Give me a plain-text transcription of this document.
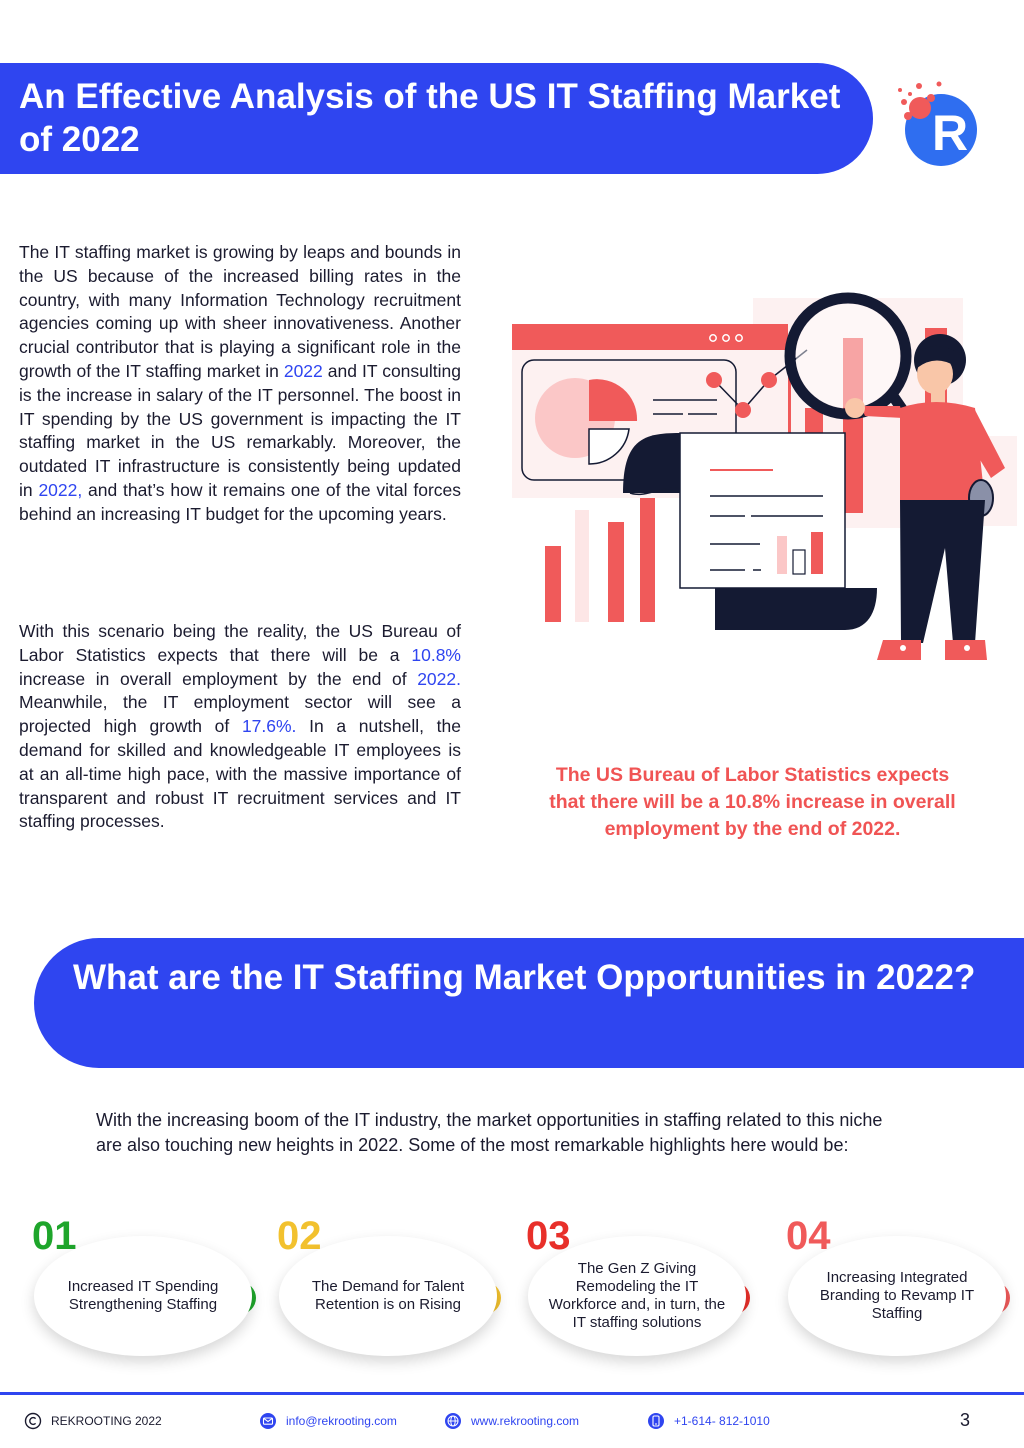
An Effective Analysis of the US IT Staffing Market of 2022	R
The IT staffing market is growing by leaps and bounds in the US because of the increased billing rates in the country, with many Information Technology recruitment agencies coming up with sheer innovativeness. Another crucial contributor that is playing a significant role in the growth of the IT staffing market in 2022 and IT consulting is the increase in salary of the IT personnel. The boost in IT spending by the US government is impacting the IT staffing market in the US remarkably. Moreover, the outdated IT infrastructure is consistently being updated in 2022, and that’s how it remains one of the vital forces behind an increasing IT budget for the upcoming years.
With this scenario being the reality, the US Bureau of Labor Statistics expects that there will be a 10.8% increase in overall employment by the end of 2022. Meanwhile, the IT employment sector will see a projected high growth of 17.6%. In a nutshell, the demand for skilled and knowledgeable IT employees is at an all-time high pace, with the massive importance of transparent and robust IT recruitment services and IT staffing processes.
The US Bureau of Labor Statistics expects that there will be a 10.8% increase in overall employment by the end of 2022.
What are the IT Staffing Market Opportunities in 2022?
With the increasing boom of the IT industry, the market opportunities in staffing related to this niche are also touching new heights in 2022. Some of the most remarkable highlights here would be:
01
Increased IT Spending Strengthening Staffing
02
The Demand for Talent Retention is on Rising
03
The Gen Z Giving Remodeling the IT Workforce and, in turn, the IT staffing solutions
04
Increasing Integrated Branding to Revamp IT Staffing
REKROOTING 2022	info@rekrooting.com	www.rekrooting.com	+1-614- 812-1010	3
